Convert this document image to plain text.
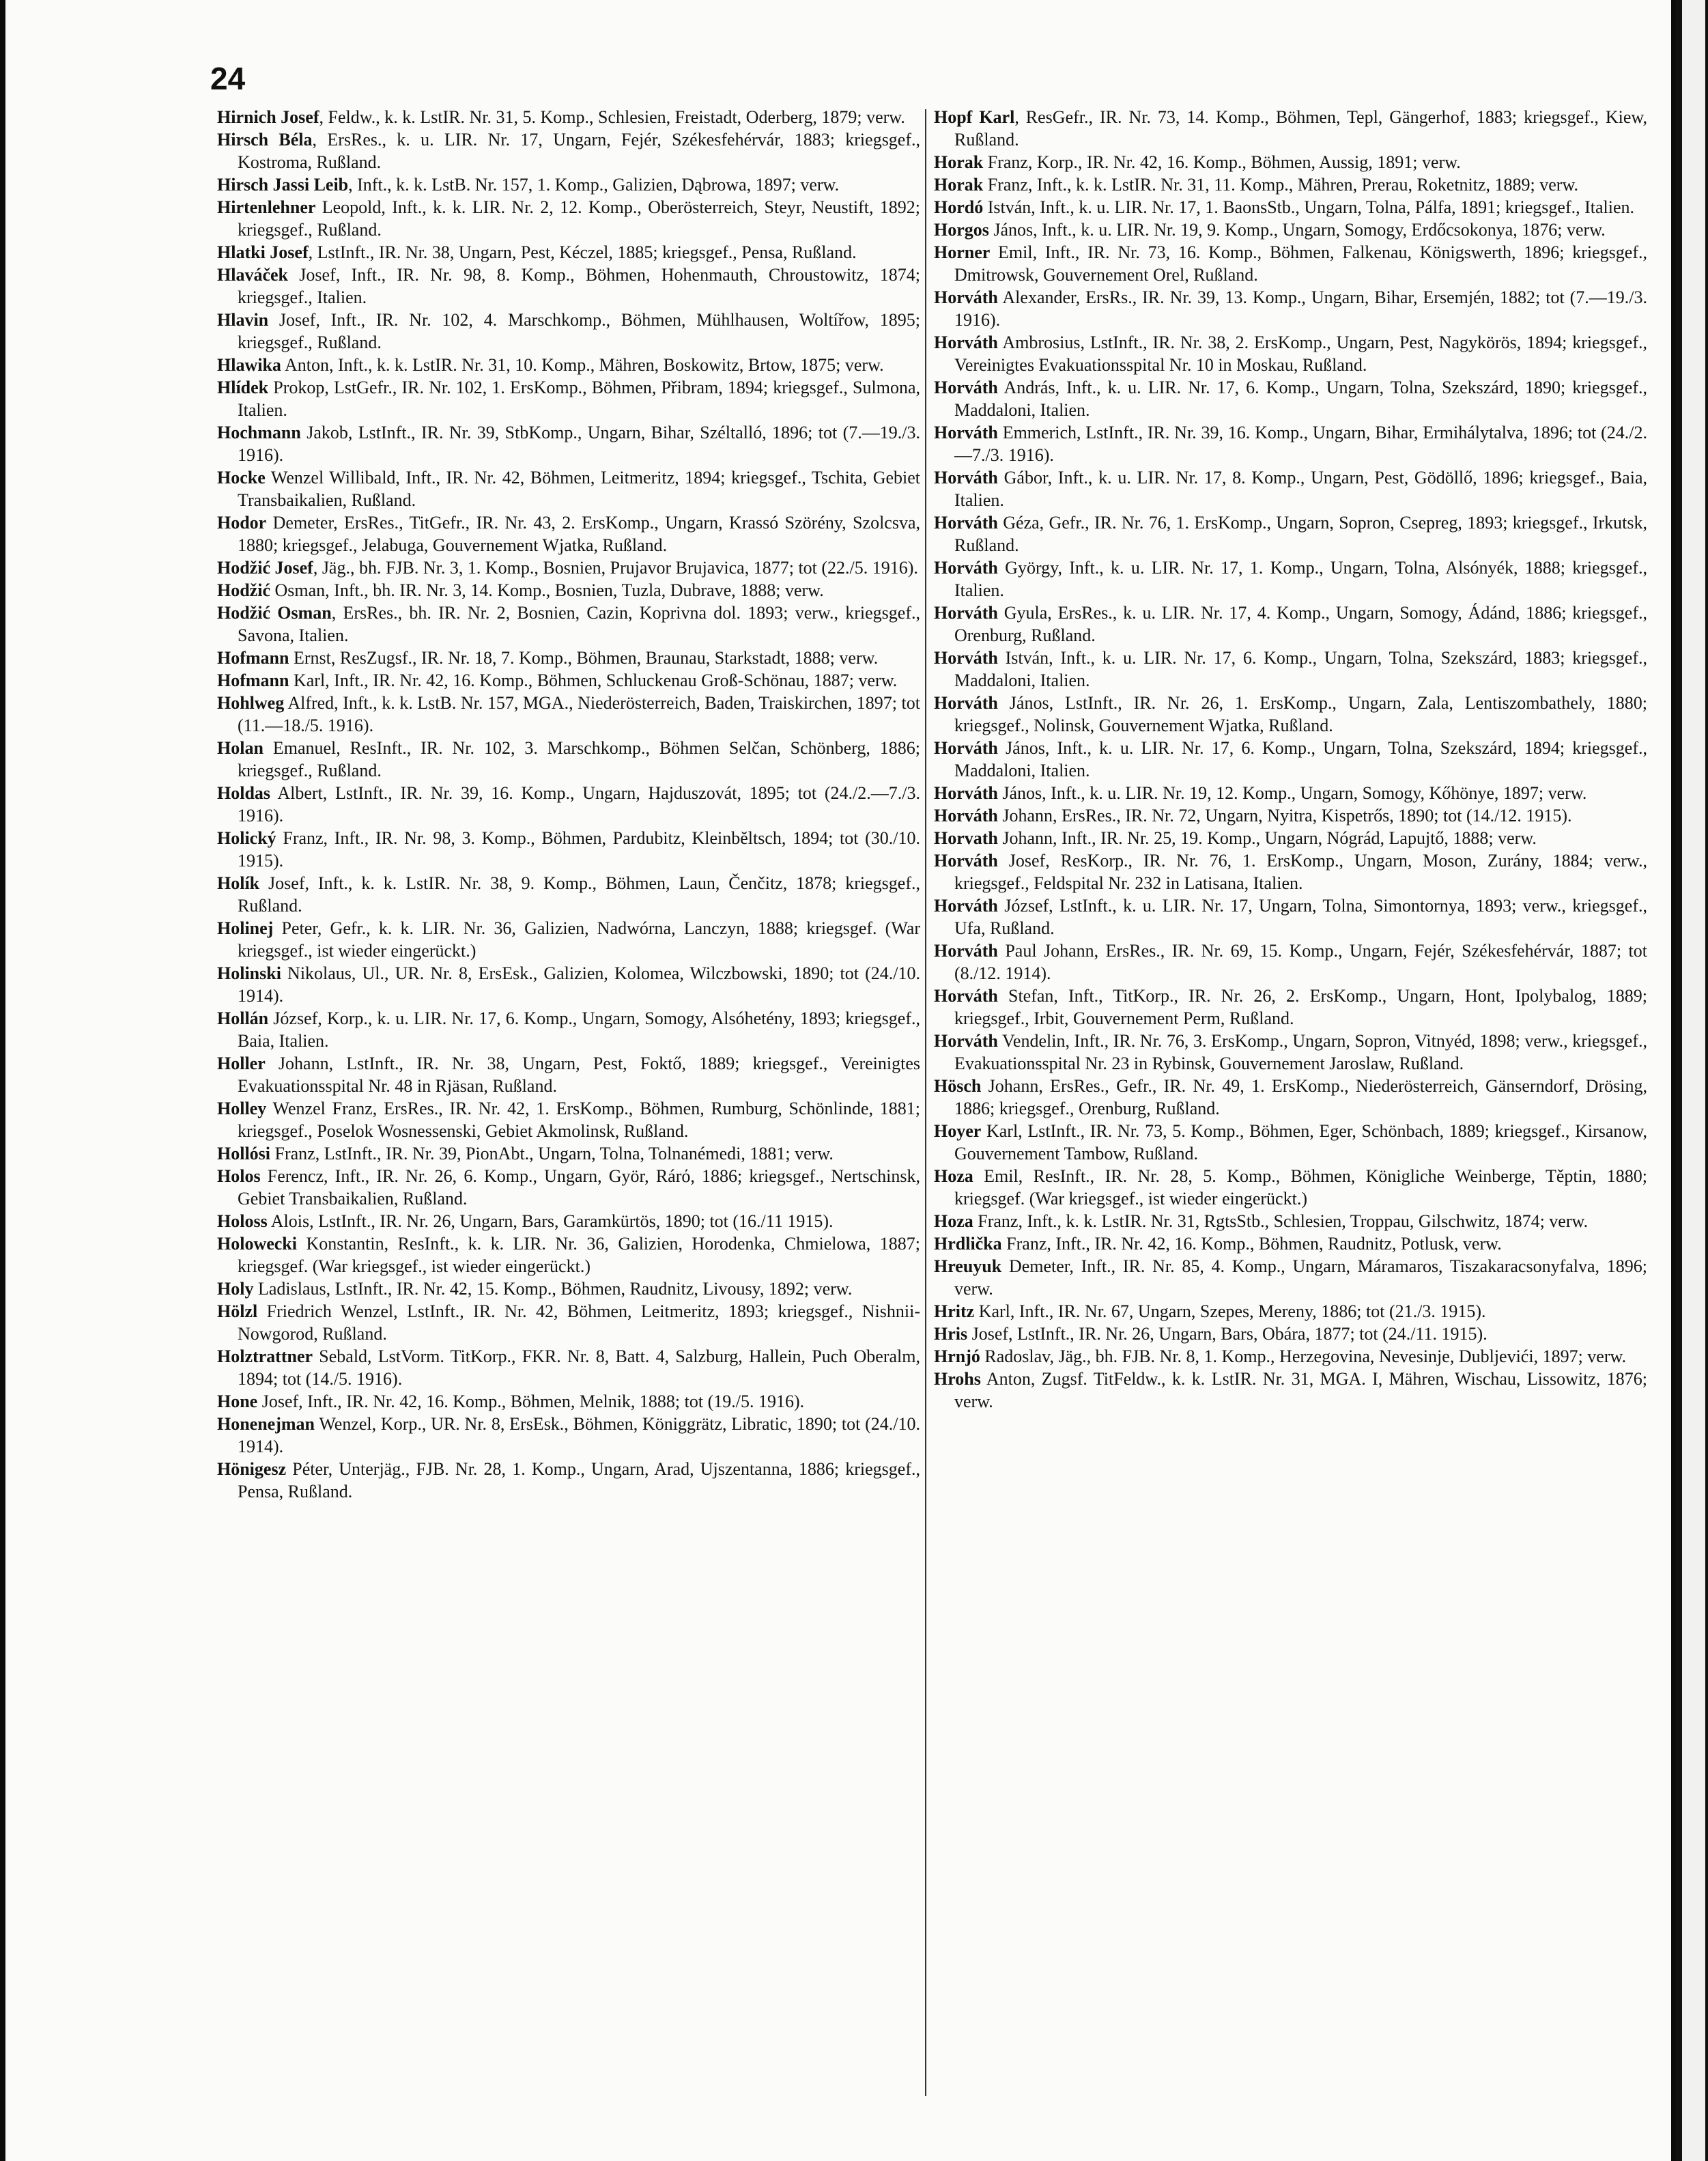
24
Hirnich Josef, Feldw., k. k. LstIR. Nr. 31, 5. Komp., Schlesien, Freistadt, Oderberg, 1879; verw.
Hirsch Béla, ErsRes., k. u. LIR. Nr. 17, Ungarn, Fejér, Székesfehérvár, 1883; kriegsgef., Kostroma, Rußland.
Hirsch Jassi Leib, Inft., k. k. LstB. Nr. 157, 1. Komp., Galizien, Dąbrowa, 1897; verw.
Hirtenlehner Leopold, Inft., k. k. LIR. Nr. 2, 12. Komp., Oberösterreich, Steyr, Neustift, 1892; kriegsgef., Rußland.
Hlatki Josef, LstInft., IR. Nr. 38, Ungarn, Pest, Kéczel, 1885; kriegsgef., Pensa, Rußland.
Hlaváček Josef, Inft., IR. Nr. 98, 8. Komp., Böhmen, Hohenmauth, Chroustowitz, 1874; kriegsgef., Italien.
Hlavin Josef, Inft., IR. Nr. 102, 4. Marschkomp., Böhmen, Mühlhausen, Woltířow, 1895; kriegsgef., Rußland.
Hlawika Anton, Inft., k. k. LstIR. Nr. 31, 10. Komp., Mähren, Boskowitz, Brtow, 1875; verw.
Hlídek Prokop, LstGefr., IR. Nr. 102, 1. ErsKomp., Böhmen, Přibram, 1894; kriegsgef., Sulmona, Italien.
Hochmann Jakob, LstInft., IR. Nr. 39, StbKomp., Ungarn, Bihar, Széltalló, 1896; tot (7.—19./3. 1916).
Hocke Wenzel Willibald, Inft., IR. Nr. 42, Böhmen, Leitmeritz, 1894; kriegsgef., Tschita, Gebiet Transbaikalien, Rußland.
Hodor Demeter, ErsRes., TitGefr., IR. Nr. 43, 2. ErsKomp., Ungarn, Krassó Szörény, Szolcsva, 1880; kriegsgef., Jelabuga, Gouvernement Wjatka, Rußland.
Hodžić Josef, Jäg., bh. FJB. Nr. 3, 1. Komp., Bosnien, Prujavor Brujavica, 1877; tot (22./5. 1916).
Hodžić Osman, Inft., bh. IR. Nr. 3, 14. Komp., Bosnien, Tuzla, Dubrave, 1888; verw.
Hodžić Osman, ErsRes., bh. IR. Nr. 2, Bosnien, Cazin, Koprivna dol. 1893; verw., kriegsgef., Savona, Italien.
Hofmann Ernst, ResZugsf., IR. Nr. 18, 7. Komp., Böhmen, Braunau, Starkstadt, 1888; verw.
Hofmann Karl, Inft., IR. Nr. 42, 16. Komp., Böhmen, Schluckenau Groß-Schönau, 1887; verw.
Hohlweg Alfred, Inft., k. k. LstB. Nr. 157, MGA., Niederösterreich, Baden, Traiskirchen, 1897; tot (11.—18./5. 1916).
Holan Emanuel, ResInft., IR. Nr. 102, 3. Marschkomp., Böhmen Selčan, Schönberg, 1886; kriegsgef., Rußland.
Holdas Albert, LstInft., IR. Nr. 39, 16. Komp., Ungarn, Hajduszovát, 1895; tot (24./2.—7./3. 1916).
Holický Franz, Inft., IR. Nr. 98, 3. Komp., Böhmen, Pardubitz, Kleinbĕltsch, 1894; tot (30./10. 1915).
Holík Josef, Inft., k. k. LstIR. Nr. 38, 9. Komp., Böhmen, Laun, Čenčitz, 1878; kriegsgef., Rußland.
Holinej Peter, Gefr., k. k. LIR. Nr. 36, Galizien, Nadwórna, Lanczyn, 1888; kriegsgef. (War kriegsgef., ist wieder eingerückt.)
Holinski Nikolaus, Ul., UR. Nr. 8, ErsEsk., Galizien, Kolomea, Wilczbowski, 1890; tot (24./10. 1914).
Hollán József, Korp., k. u. LIR. Nr. 17, 6. Komp., Ungarn, Somogy, Alsóhetény, 1893; kriegsgef., Baia, Italien.
Holler Johann, LstInft., IR. Nr. 38, Ungarn, Pest, Foktő, 1889; kriegsgef., Vereinigtes Evakuationsspital Nr. 48 in Rjäsan, Rußland.
Holley Wenzel Franz, ErsRes., IR. Nr. 42, 1. ErsKomp., Böhmen, Rumburg, Schönlinde, 1881; kriegsgef., Poselok Wosnessenski, Gebiet Akmolinsk, Rußland.
Hollósi Franz, LstInft., IR. Nr. 39, PionAbt., Ungarn, Tolna, Tolnanémedi, 1881; verw.
Holos Ferencz, Inft., IR. Nr. 26, 6. Komp., Ungarn, Györ, Rárό, 1886; kriegsgef., Nertschinsk, Gebiet Transbaikalien, Rußland.
Holoss Alois, LstInft., IR. Nr. 26, Ungarn, Bars, Garamkürtös, 1890; tot (16./11 1915).
Holowecki Konstantin, ResInft., k. k. LIR. Nr. 36, Galizien, Horodenka, Chmielowa, 1887; kriegsgef. (War kriegsgef., ist wieder eingerückt.)
Holy Ladislaus, LstInft., IR. Nr. 42, 15. Komp., Böhmen, Raudnitz, Livousy, 1892; verw.
Hölzl Friedrich Wenzel, LstInft., IR. Nr. 42, Böhmen, Leitmeritz, 1893; kriegsgef., Nishnii-Nowgorod, Rußland.
Holztrattner Sebald, LstVorm. TitKorp., FKR. Nr. 8, Batt. 4, Salzburg, Hallein, Puch Oberalm, 1894; tot (14./5. 1916).
Hone Josef, Inft., IR. Nr. 42, 16. Komp., Böhmen, Melnik, 1888; tot (19./5. 1916).
Honenejman Wenzel, Korp., UR. Nr. 8, ErsEsk., Böhmen, Königgrätz, Libratic, 1890; tot (24./10. 1914).
Hönigesz Péter, Unterjäg., FJB. Nr. 28, 1. Komp., Ungarn, Arad, Ujszentanna, 1886; kriegsgef., Pensa, Rußland.
Hopf Karl, ResGefr., IR. Nr. 73, 14. Komp., Böhmen, Tepl, Gängerhof, 1883; kriegsgef., Kiew, Rußland.
Horak Franz, Korp., IR. Nr. 42, 16. Komp., Böhmen, Aussig, 1891; verw.
Horak Franz, Inft., k. k. LstIR. Nr. 31, 11. Komp., Mähren, Prerau, Roketnitz, 1889; verw.
Hordó István, Inft., k. u. LIR. Nr. 17, 1. BaonsStb., Ungarn, Tolna, Pálfa, 1891; kriegsgef., Italien.
Horgos János, Inft., k. u. LIR. Nr. 19, 9. Komp., Ungarn, Somogy, Erdőcsokonya, 1876; verw.
Horner Emil, Inft., IR. Nr. 73, 16. Komp., Böhmen, Falkenau, Königswerth, 1896; kriegsgef., Dmitrowsk, Gouvernement Orel, Rußland.
Horváth Alexander, ErsRs., IR. Nr. 39, 13. Komp., Ungarn, Bihar, Ersemjén, 1882; tot (7.—19./3. 1916).
Horváth Ambrosius, LstInft., IR. Nr. 38, 2. ErsKomp., Ungarn, Pest, Nagykörös, 1894; kriegsgef., Vereinigtes Evakuationsspital Nr. 10 in Moskau, Rußland.
Horváth András, Inft., k. u. LIR. Nr. 17, 6. Komp., Ungarn, Tolna, Szekszárd, 1890; kriegsgef., Maddaloni, Italien.
Horváth Emmerich, LstInft., IR. Nr. 39, 16. Komp., Ungarn, Bihar, Ermihálytalva, 1896; tot (24./2.—7./3. 1916).
Horváth Gábor, Inft., k. u. LIR. Nr. 17, 8. Komp., Ungarn, Pest, Gödöllő, 1896; kriegsgef., Baia, Italien.
Horváth Géza, Gefr., IR. Nr. 76, 1. ErsKomp., Ungarn, Sopron, Csepreg, 1893; kriegsgef., Irkutsk, Rußland.
Horváth György, Inft., k. u. LIR. Nr. 17, 1. Komp., Ungarn, Tolna, Alsónyék, 1888; kriegsgef., Italien.
Horváth Gyula, ErsRes., k. u. LIR. Nr. 17, 4. Komp., Ungarn, Somogy, Ádánd, 1886; kriegsgef., Orenburg, Rußland.
Horváth István, Inft., k. u. LIR. Nr. 17, 6. Komp., Ungarn, Tolna, Szekszárd, 1883; kriegsgef., Maddaloni, Italien.
Horváth János, LstInft., IR. Nr. 26, 1. ErsKomp., Ungarn, Zala, Lentiszombathely, 1880; kriegsgef., Nolinsk, Gouvernement Wjatka, Rußland.
Horváth János, Inft., k. u. LIR. Nr. 17, 6. Komp., Ungarn, Tolna, Szekszárd, 1894; kriegsgef., Maddaloni, Italien.
Horváth János, Inft., k. u. LIR. Nr. 19, 12. Komp., Ungarn, Somogy, Kőhönye, 1897; verw.
Horváth Johann, ErsRes., IR. Nr. 72, Ungarn, Nyitra, Kispetrős, 1890; tot (14./12. 1915).
Horvath Johann, Inft., IR. Nr. 25, 19. Komp., Ungarn, Nógrád, Lapujtő, 1888; verw.
Horváth Josef, ResKorp., IR. Nr. 76, 1. ErsKomp., Ungarn, Moson, Zurány, 1884; verw., kriegsgef., Feldspital Nr. 232 in Latisana, Italien.
Horváth József, LstInft., k. u. LIR. Nr. 17, Ungarn, Tolna, Simontornya, 1893; verw., kriegsgef., Ufa, Rußland.
Horváth Paul Johann, ErsRes., IR. Nr. 69, 15. Komp., Ungarn, Fejér, Székesfehérvár, 1887; tot (8./12. 1914).
Horváth Stefan, Inft., TitKorp., IR. Nr. 26, 2. ErsKomp., Ungarn, Hont, Ipolybalog, 1889; kriegsgef., Irbit, Gouvernement Perm, Rußland.
Horváth Vendelin, Inft., IR. Nr. 76, 3. ErsKomp., Ungarn, Sopron, Vitnyéd, 1898; verw., kriegsgef., Evakuationsspital Nr. 23 in Rybinsk, Gouvernement Jaroslaw, Rußland.
Hösch Johann, ErsRes., Gefr., IR. Nr. 49, 1. ErsKomp., Niederösterreich, Gänserndorf, Drösing, 1886; kriegsgef., Orenburg, Rußland.
Hoyer Karl, LstInft., IR. Nr. 73, 5. Komp., Böhmen, Eger, Schönbach, 1889; kriegsgef., Kirsanow, Gouvernement Tambow, Rußland.
Hoza Emil, ResInft., IR. Nr. 28, 5. Komp., Böhmen, Königliche Weinberge, Těptin, 1880; kriegsgef. (War kriegsgef., ist wieder eingerückt.)
Hoza Franz, Inft., k. k. LstIR. Nr. 31, RgtsStb., Schlesien, Troppau, Gilschwitz, 1874; verw.
Hrdlička Franz, Inft., IR. Nr. 42, 16. Komp., Böhmen, Raudnitz, Potlusk, verw.
Hreuyuk Demeter, Inft., IR. Nr. 85, 4. Komp., Ungarn, Máramaros, Tiszakaracsonyfalva, 1896; verw.
Hritz Karl, Inft., IR. Nr. 67, Ungarn, Szepes, Mereny, 1886; tot (21./3. 1915).
Hris Josef, LstInft., IR. Nr. 26, Ungarn, Bars, Obára, 1877; tot (24./11. 1915).
Hrnjó Radoslav, Jäg., bh. FJB. Nr. 8, 1. Komp., Herzegovina, Nevesinje, Dubljevići, 1897; verw.
Hrohs Anton, Zugsf. TitFeldw., k. k. LstIR. Nr. 31, MGA. I, Mähren, Wischau, Lissowitz, 1876; verw.
